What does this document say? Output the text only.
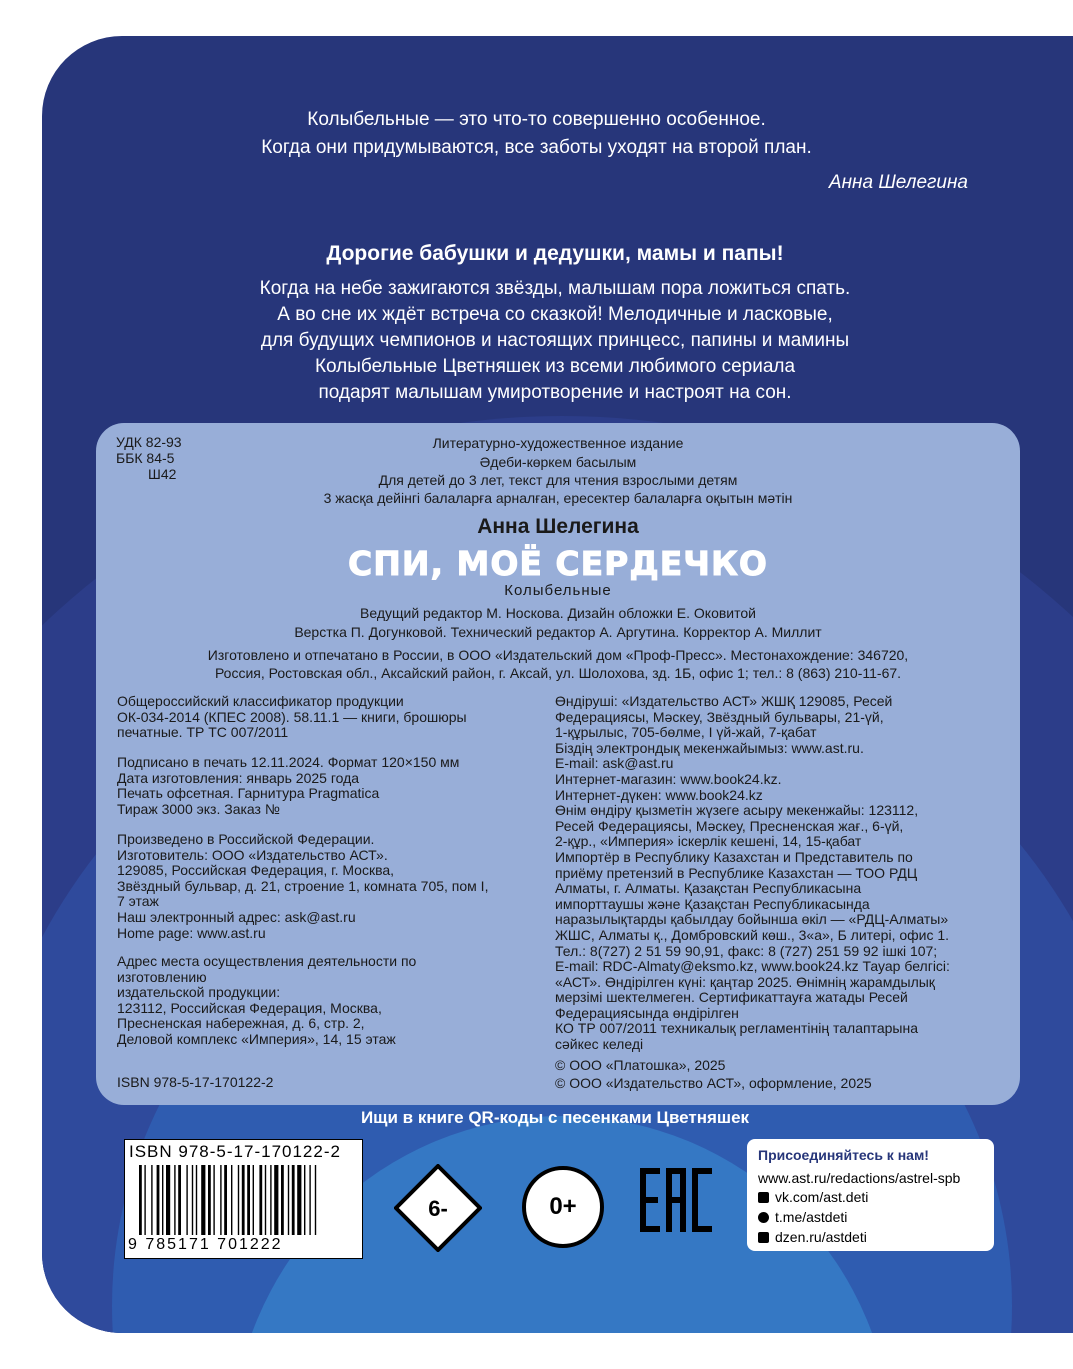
Колыбельные — это что-то совершенно особенное.
Когда они придумываются, все заботы уходят на второй план.
Анна Шелегина
Дорогие бабушки и дедушки, мамы и папы!
Когда на небе зажигаются звёзды, малышам пора ложиться спать.
А во сне их ждёт встреча со сказкой! Мелодичные и ласковые,
для будущих чемпионов и настоящих принцесс, папины и мамины
Колыбельные Цветняшек из всеми любимого сериала
подарят малышам умиротворение и настроят на сон.
УДК 82-93
ББК 84-5
Ш42
Литературно-художественное издание
Әдеби-көркем басылым
Для детей до 3 лет, текст для чтения взрослыми детям
3 жасқа дейінгі балаларға арналған, ересектер балаларға оқытын мәтін
Анна Шелегина
СПИ, МОЁ СЕРДЕЧКО
Колыбельные
Ведущий редактор М. Носкова. Дизайн обложки Е. Оковитой
Верстка П. Догунковой. Технический редактор А. Аргутина. Корректор А. Миллит
Изготовлено и отпечатано в России, в ООО «Издательский дом «Проф-Пресс». Местонахождение: 346720,
Россия, Ростовская обл., Аксайский район, г. Аксай, ул. Шолохова, зд. 1Б, офис 1; тел.: 8 (863) 210-11-67.
Общероссийский классификатор продукции
ОК-034-2014 (КПЕС 2008). 58.11.1 — книги, брошюры
печатные. ТР ТС 007/2011
Подписано в печать 12.11.2024. Формат 120×150 мм
Дата изготовления: январь 2025 года
Печать офсетная. Гарнитура Pragmatica
Тираж 3000 экз. Заказ №
Произведено в Российской Федерации.
Изготовитель: ООО «Издательство АСТ».
129085, Российская Федерация, г. Москва,
Звёздный бульвар, д. 21, строение 1, комната 705, пом I,
7 этаж
Наш электронный адрес: ask@ast.ru
Home page: www.ast.ru
Адрес места осуществления деятельности по
изготовлению
издательской продукции:
123112, Российская Федерация, Москва,
Пресненская набережная, д. 6, стр. 2,
Деловой комплекс «Империя», 14, 15 этаж
ISBN 978-5-17-170122-2
Өндіруші: «Издательство АСТ» ЖШҚ 129085, Ресей
Федерациясы, Мәскеу, Звёздный бульвары, 21-үй,
1-құрылыс, 705-бөлме, I үй-жай, 7-қабат
Біздің электрондық мекенжайымыз: www.ast.ru.
E-mail: ask@ast.ru
Интернет-магазин: www.book24.kz.
Интернет-дүкен: www.book24.kz
Өнім өндіру қызметін жүзеге асыру мекенжайы: 123112,
Ресей Федерациясы, Мәскеу, Пресненская жағ., 6-үй,
2-құр., «Империя» іскерлік кешені, 14, 15-қабат
Импортёр в Республику Казахстан и Представитель по
приёму претензий в Республике Казахстан — ТОО РДЦ
Алматы, г. Алматы. Қазақстан Республикасына
импорттаушы және Қазақстан Республикасында
наразылықтарды қабылдау бойынша өкіл — «РДЦ-Алматы»
ЖШС, Алматы қ., Домбровский көш., 3«а», Б литері, офис 1.
Тел.: 8(727) 2 51 59 90,91, факс: 8 (727) 251 59 92 ішкі 107;
E-mail: RDC-Almaty@eksmo.kz, www.book24.kz Тауар белгісі:
«АСТ». Өндірілген күні: қаңтар 2025. Өнімнің жарамдылық
мерзімі шектелмеген. Сертификаттауға жатады Ресей
Федерациясында өндірілген
КО ТР 007/2011 техникалық регламентінің талаптарына
сәйкес келеді
© ООО «Платошка», 2025
© ООО «Издательство АСТ», оформление, 2025
Ищи в книге QR-коды с песенками Цветняшек
ISBN 978-5-17-170122-2
9 785171 701222
6-	0+
Присоединяйтесь к нам!
www.ast.ru/redactions/astrel-spb
vk.com/ast.deti
t.me/astdeti
dzen.ru/astdeti
